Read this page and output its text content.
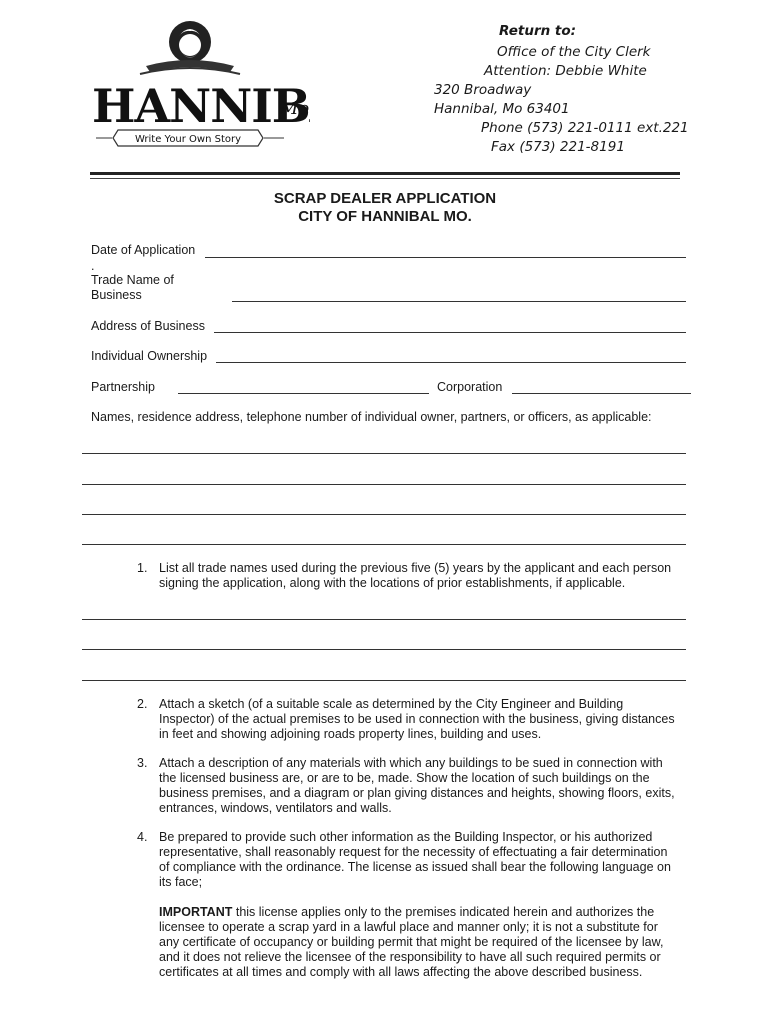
HANNIB
Mo
Write Your Own Story
Return to:
Office of the City Clerk
Attention: Debbie White
320 Broadway
Hannibal, Mo 63401
Phone (573) 221-0111 ext.221
Fax (573) 221-8191
SCRAP DEALER APPLICATION
CITY OF HANNIBAL MO.
Date of Application
.
Trade Name of
Business
Address of Business
Individual Ownership
Partnership	Corporation
Names, residence address, telephone number of individual owner, partners, or officers, as applicable:
1. List all trade names used during the previous five (5) years by the applicant and each person
signing the application, along with the locations of prior establishments, if applicable.
2. Attach a sketch (of a suitable scale as determined by the City Engineer and Building
Inspector) of the actual premises to be used in connection with the business, giving distances
in feet and showing adjoining roads property lines, building and uses.
3. Attach a description of any materials with which any buildings to be sued in connection with
the licensed business are, or are to be, made. Show the location of such buildings on the
business premises, and a diagram or plan giving distances and heights, showing floors, exits,
entrances, windows, ventilators and walls.
4. Be prepared to provide such other information as the Building Inspector, or his authorized
representative, shall reasonably request for the necessity of effectuating a fair determination
of compliance with the ordinance. The license as issued shall bear the following language on
its face;
IMPORTANT this license applies only to the premises indicated herein and authorizes the
licensee to operate a scrap yard in a lawful place and manner only; it is not a substitute for
any certificate of occupancy or building permit that might be required of the licensee by law,
and it does not relieve the licensee of the responsibility to have all such required permits or
certificates at all times and comply with all laws affecting the above described business.
